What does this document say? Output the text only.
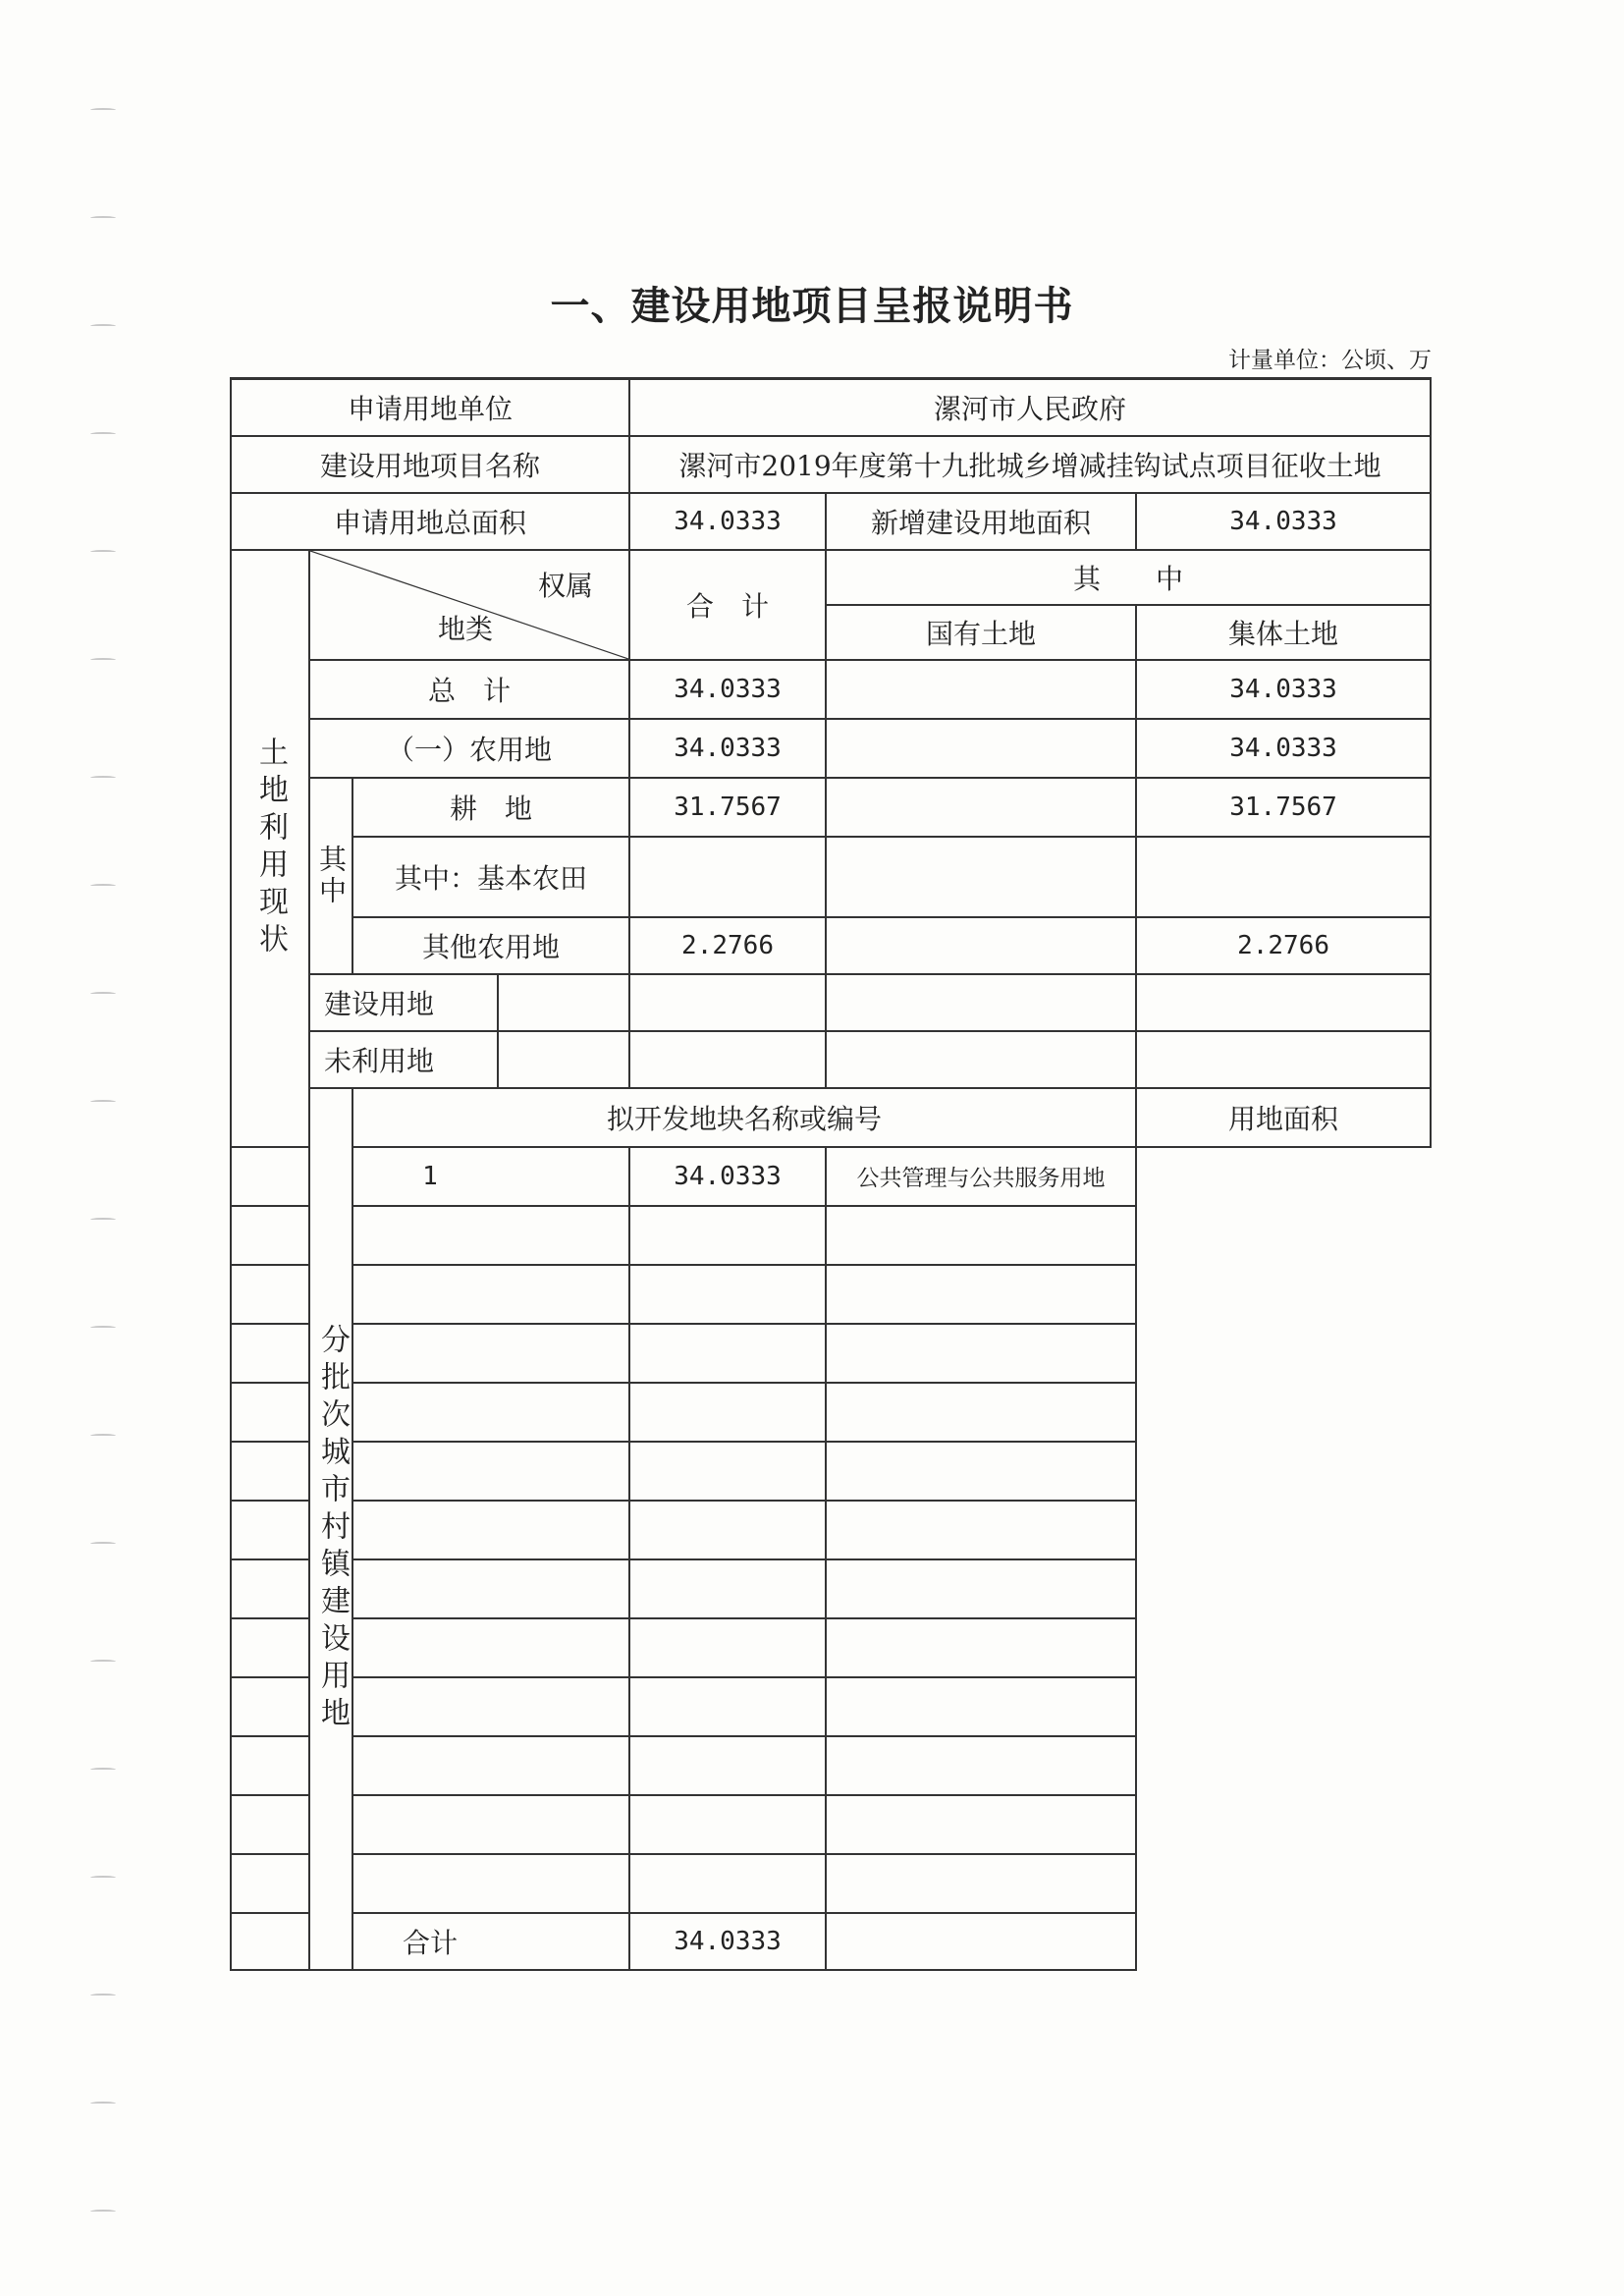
一、建设用地项目呈报说明书
计量单位：公顷、万
申请用地单位				漯河市人民政府			
建设用地项目名称				漯河市2019年度第十九批城乡增减挂钩试点项目征收土地			
申请用地总面积				34.0333	新增建设用地面积	34.0333	

土地利用现状	权属
地类			合　计	其　　中		
					国有土地	集体土地	
	总　计			34.0333		34.0333	
	（一）农用地			34.0333		34.0333	

	其中	耕　地		31.7567		31.7567	
		其中：基本农田					
		其他农用地		2.2766		2.2766	
	建设用地						
	未利用地						

	分批次城市村镇建设用地	拟开发地块名称或编号				用地面积	
1				34.0333	公共管理与公共服务用地		

合计				34.0333			
